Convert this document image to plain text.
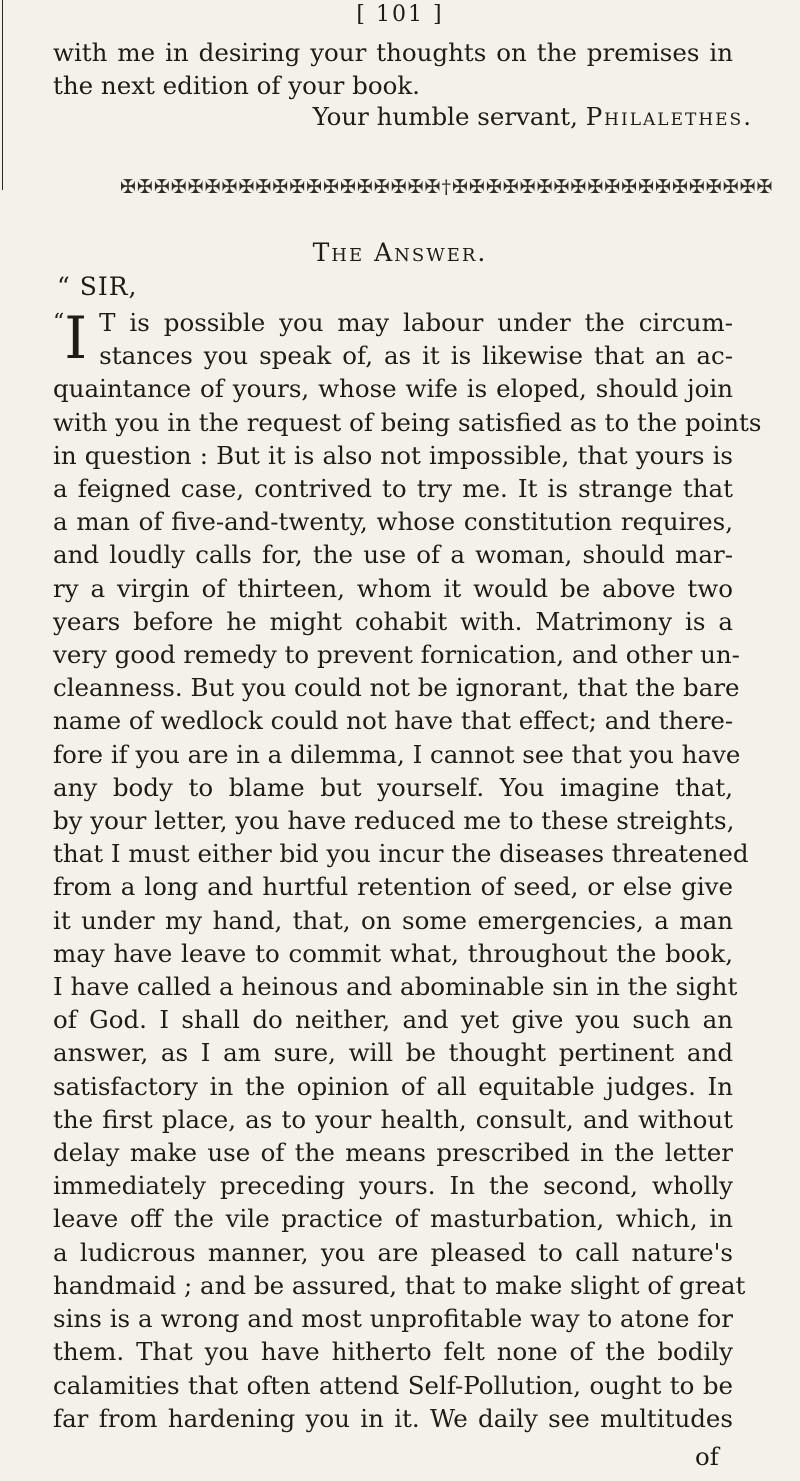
[ 101 ]
with me in desiring your thoughts on the premises in
the next edition of your book.
Your humble servant, Philalethes.
✠✠✠✠✠✠✠✠✠✠✠✠✠✠✠✠✠✠✠†✠✠✠✠✠✠✠✠✠✠✠✠✠✠✠✠✠✠✠
The Answer.
“ SIR,
“I T is possible you may labour under the circum-
stances you speak of, as it is likewise that an ac-
quaintance of yours, whose wife is eloped, should join
with you in the request of being satisfied as to the points
in question : But it is also not impossible, that yours is
a feigned case, contrived to try me. It is strange that
a man of five-and-twenty, whose constitution requires,
and loudly calls for, the use of a woman, should mar-
ry a virgin of thirteen, whom it would be above two
years before he might cohabit with. Matrimony is a
very good remedy to prevent fornication, and other un-
cleanness. But you could not be ignorant, that the bare
name of wedlock could not have that effect; and there-
fore if you are in a dilemma, I cannot see that you have
any body to blame but yourself. You imagine that,
by your letter, you have reduced me to these streights,
that I must either bid you incur the diseases threatened
from a long and hurtful retention of seed, or else give
it under my hand, that, on some emergencies, a man
may have leave to commit what, throughout the book,
I have called a heinous and abominable sin in the sight
of God. I shall do neither, and yet give you such an
answer, as I am sure, will be thought pertinent and
satisfactory in the opinion of all equitable judges. In
the first place, as to your health, consult, and without
delay make use of the means prescribed in the letter
immediately preceding yours. In the second, wholly
leave off the vile practice of masturbation, which, in
a ludicrous manner, you are pleased to call nature's
handmaid ; and be assured, that to make slight of great
sins is a wrong and most unprofitable way to atone for
them. That you have hitherto felt none of the bodily
calamities that often attend Self-Pollution, ought to be
far from hardening you in it. We daily see multitudes
of
